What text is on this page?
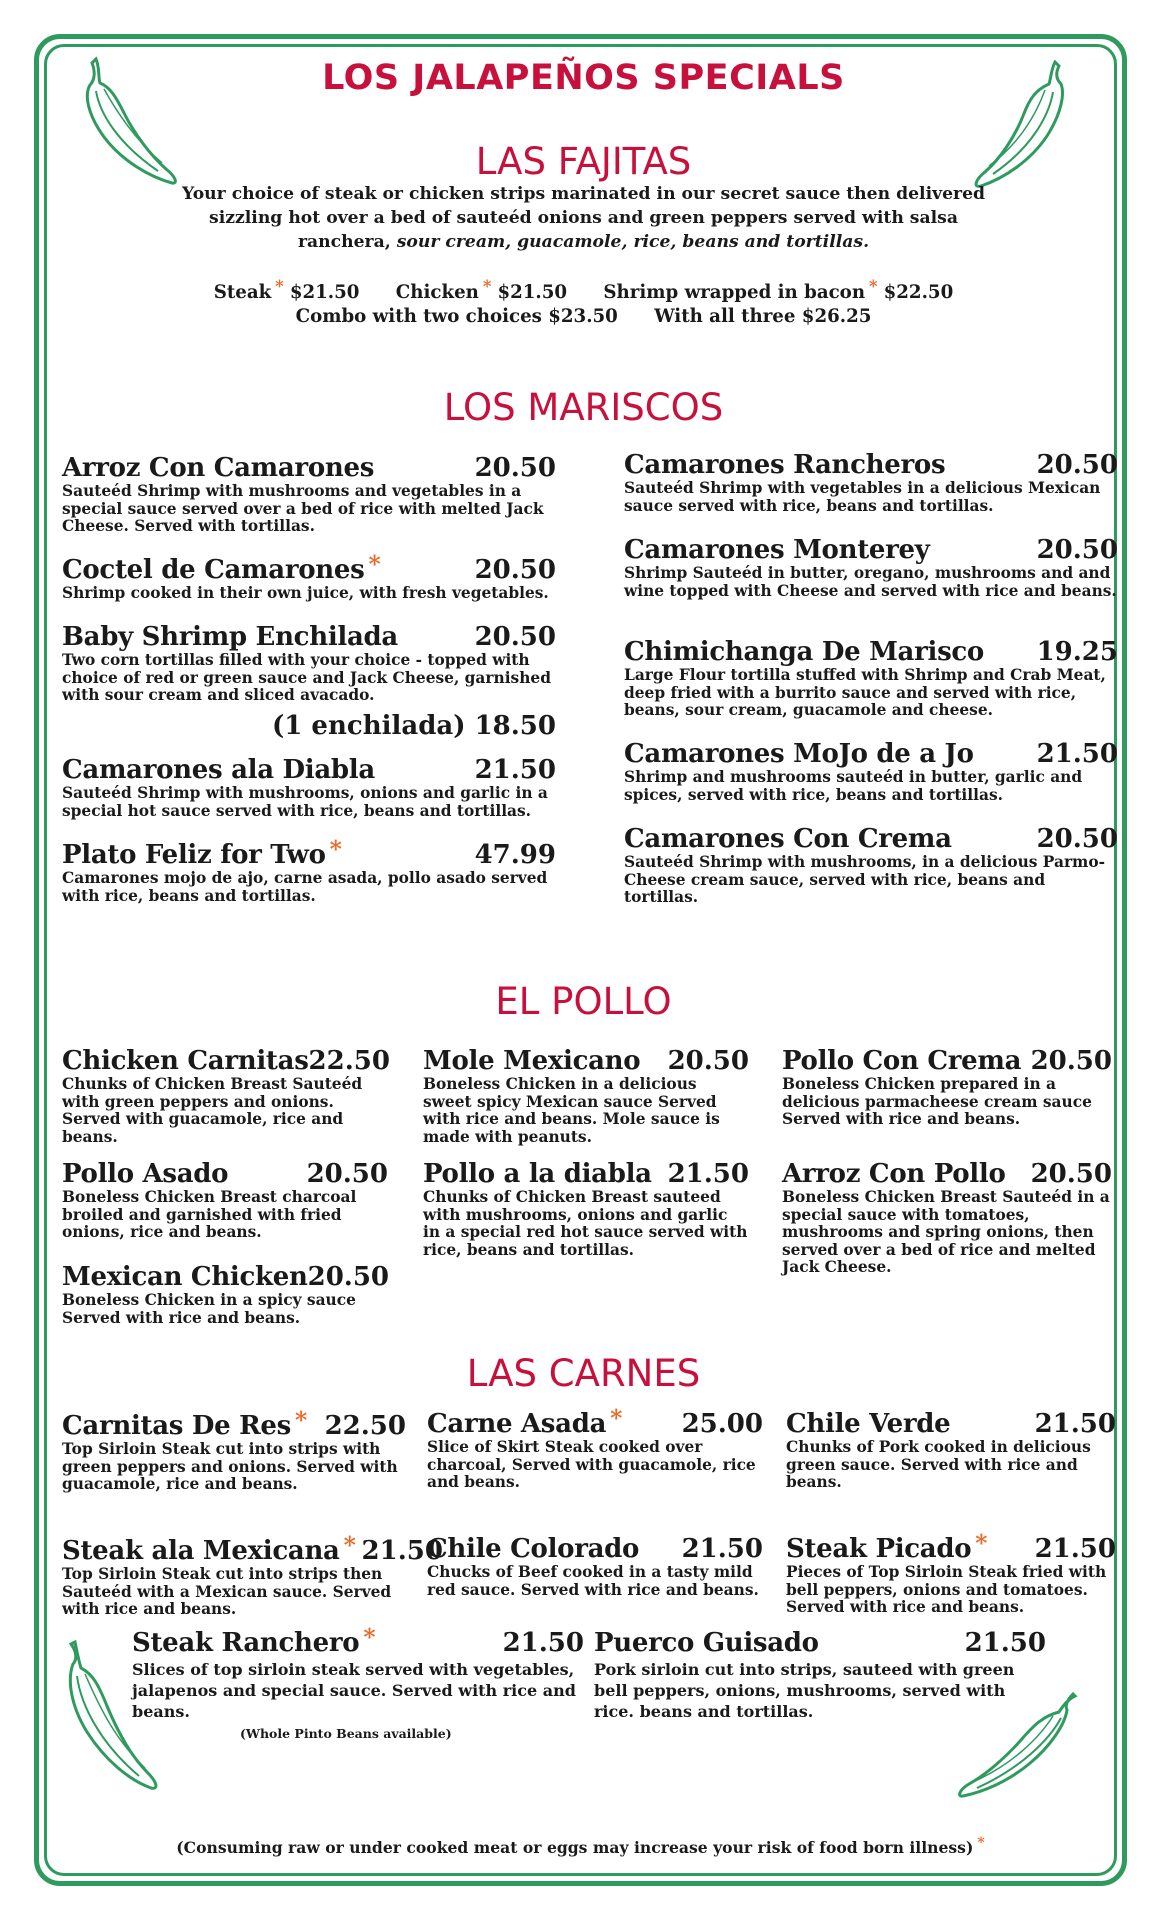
LOS JALAPEÑOS SPECIALS
LAS FAJITAS
Your choice of steak or chicken strips marinated in our secret sauce then delivered sizzling hot over a bed of sauteéd onions and green peppers served with salsa ranchera, sour cream, guacamole, rice, beans and tortillas.
Steak * $21.50 Chicken * $21.50 Shrimp wrapped in bacon * $22.50
Combo with two choices $23.50 With all three $26.25
LOS MARISCOS
Arroz Con Camarones	20.50
Sauteéd Shrimp with mushrooms and vegetables in a special sauce served over a bed of rice with melted Jack Cheese. Served with tortillas.
Coctel de Camarones *	20.50
Shrimp cooked in their own juice, with fresh vegetables.
Baby Shrimp Enchilada	20.50
Two corn tortillas filled with your choice - topped with choice of red or green sauce and Jack Cheese, garnished with sour cream and sliced avacado.
(1 enchilada) 18.50
Camarones ala Diabla	21.50
Sauteéd Shrimp with mushrooms, onions and garlic in a special hot sauce served with rice, beans and tortillas.
Plato Feliz for Two *	47.99
Camarones mojo de ajo, carne asada, pollo asado served with rice, beans and tortillas.
Camarones Rancheros	20.50
Sauteéd Shrimp with vegetables in a delicious Mexican sauce served with rice, beans and tortillas.
Camarones Monterey	20.50
Shrimp Sauteéd in butter, oregano, mushrooms and and wine topped with Cheese and served with rice and beans.
Chimichanga De Marisco 19.25
Large Flour tortilla stuffed with Shrimp and Crab Meat, deep fried with a burrito sauce and served with rice, beans, sour cream, guacamole and cheese.
Camarones MoJo de a Jo 21.50
Shrimp and mushrooms sauteéd in butter, garlic and spices, served with rice, beans and tortillas.
Camarones Con Crema	20.50
Sauteéd Shrimp with mushrooms, in a delicious Parmo-Cheese cream sauce, served with rice, beans and tortillas.
EL POLLO
Chicken Carnitas 22.50
Chunks of Chicken Breast Sauteéd with green peppers and onions. Served with guacamole, rice and beans.
Mole Mexicano 20.50
Boneless Chicken in a delicious sweet spicy Mexican sauce Served with rice and beans. Mole sauce is made with peanuts.
Pollo Con Crema 20.50
Boneless Chicken prepared in a delicious parmacheese cream sauce Served with rice and beans.
Pollo Asado	20.50
Boneless Chicken Breast charcoal broiled and garnished with fried onions, rice and beans.
Pollo a la diabla 21.50
Chunks of Chicken Breast sauteed with mushrooms, onions and garlic in a special red hot sauce served with rice, beans and tortillas.
Arroz Con Pollo 20.50
Boneless Chicken Breast Sauteéd in a special sauce with tomatoes, mushrooms and spring onions, then served over a bed of rice and melted Jack Cheese.
Mexican Chicken 20.50
Boneless Chicken in a spicy sauce Served with rice and beans.
LAS CARNES
Carnitas De Res * 22.50
Top Sirloin Steak cut into strips with green peppers and onions. Served with guacamole, rice and beans.
Carne Asada * 25.00
Slice of Skirt Steak cooked over charcoal, Served with guacamole, rice and beans.
Chile Verde	21.50
Chunks of Pork cooked in delicious green sauce. Served with rice and beans.
Steak ala Mexicana * 21.50
Top Sirloin Steak cut into strips then Sauteéd with a Mexican sauce. Served with rice and beans.
Chile Colorado 21.50
Chucks of Beef cooked in a tasty mild red sauce. Served with rice and beans.
Steak Picado * 21.50
Pieces of Top Sirloin Steak fried with bell peppers, onions and tomatoes. Served with rice and beans.
Steak Ranchero *	21.50
Slices of top sirloin steak served with vegetables, jalapenos and special sauce. Served with rice and beans.
(Whole Pinto Beans available)
Puerco Guisado	21.50
Pork sirloin cut into strips, sauteed with green bell peppers, onions, mushrooms, served with rice. beans and tortillas.
(Consuming raw or under cooked meat or eggs may increase your risk of food born illness) *
